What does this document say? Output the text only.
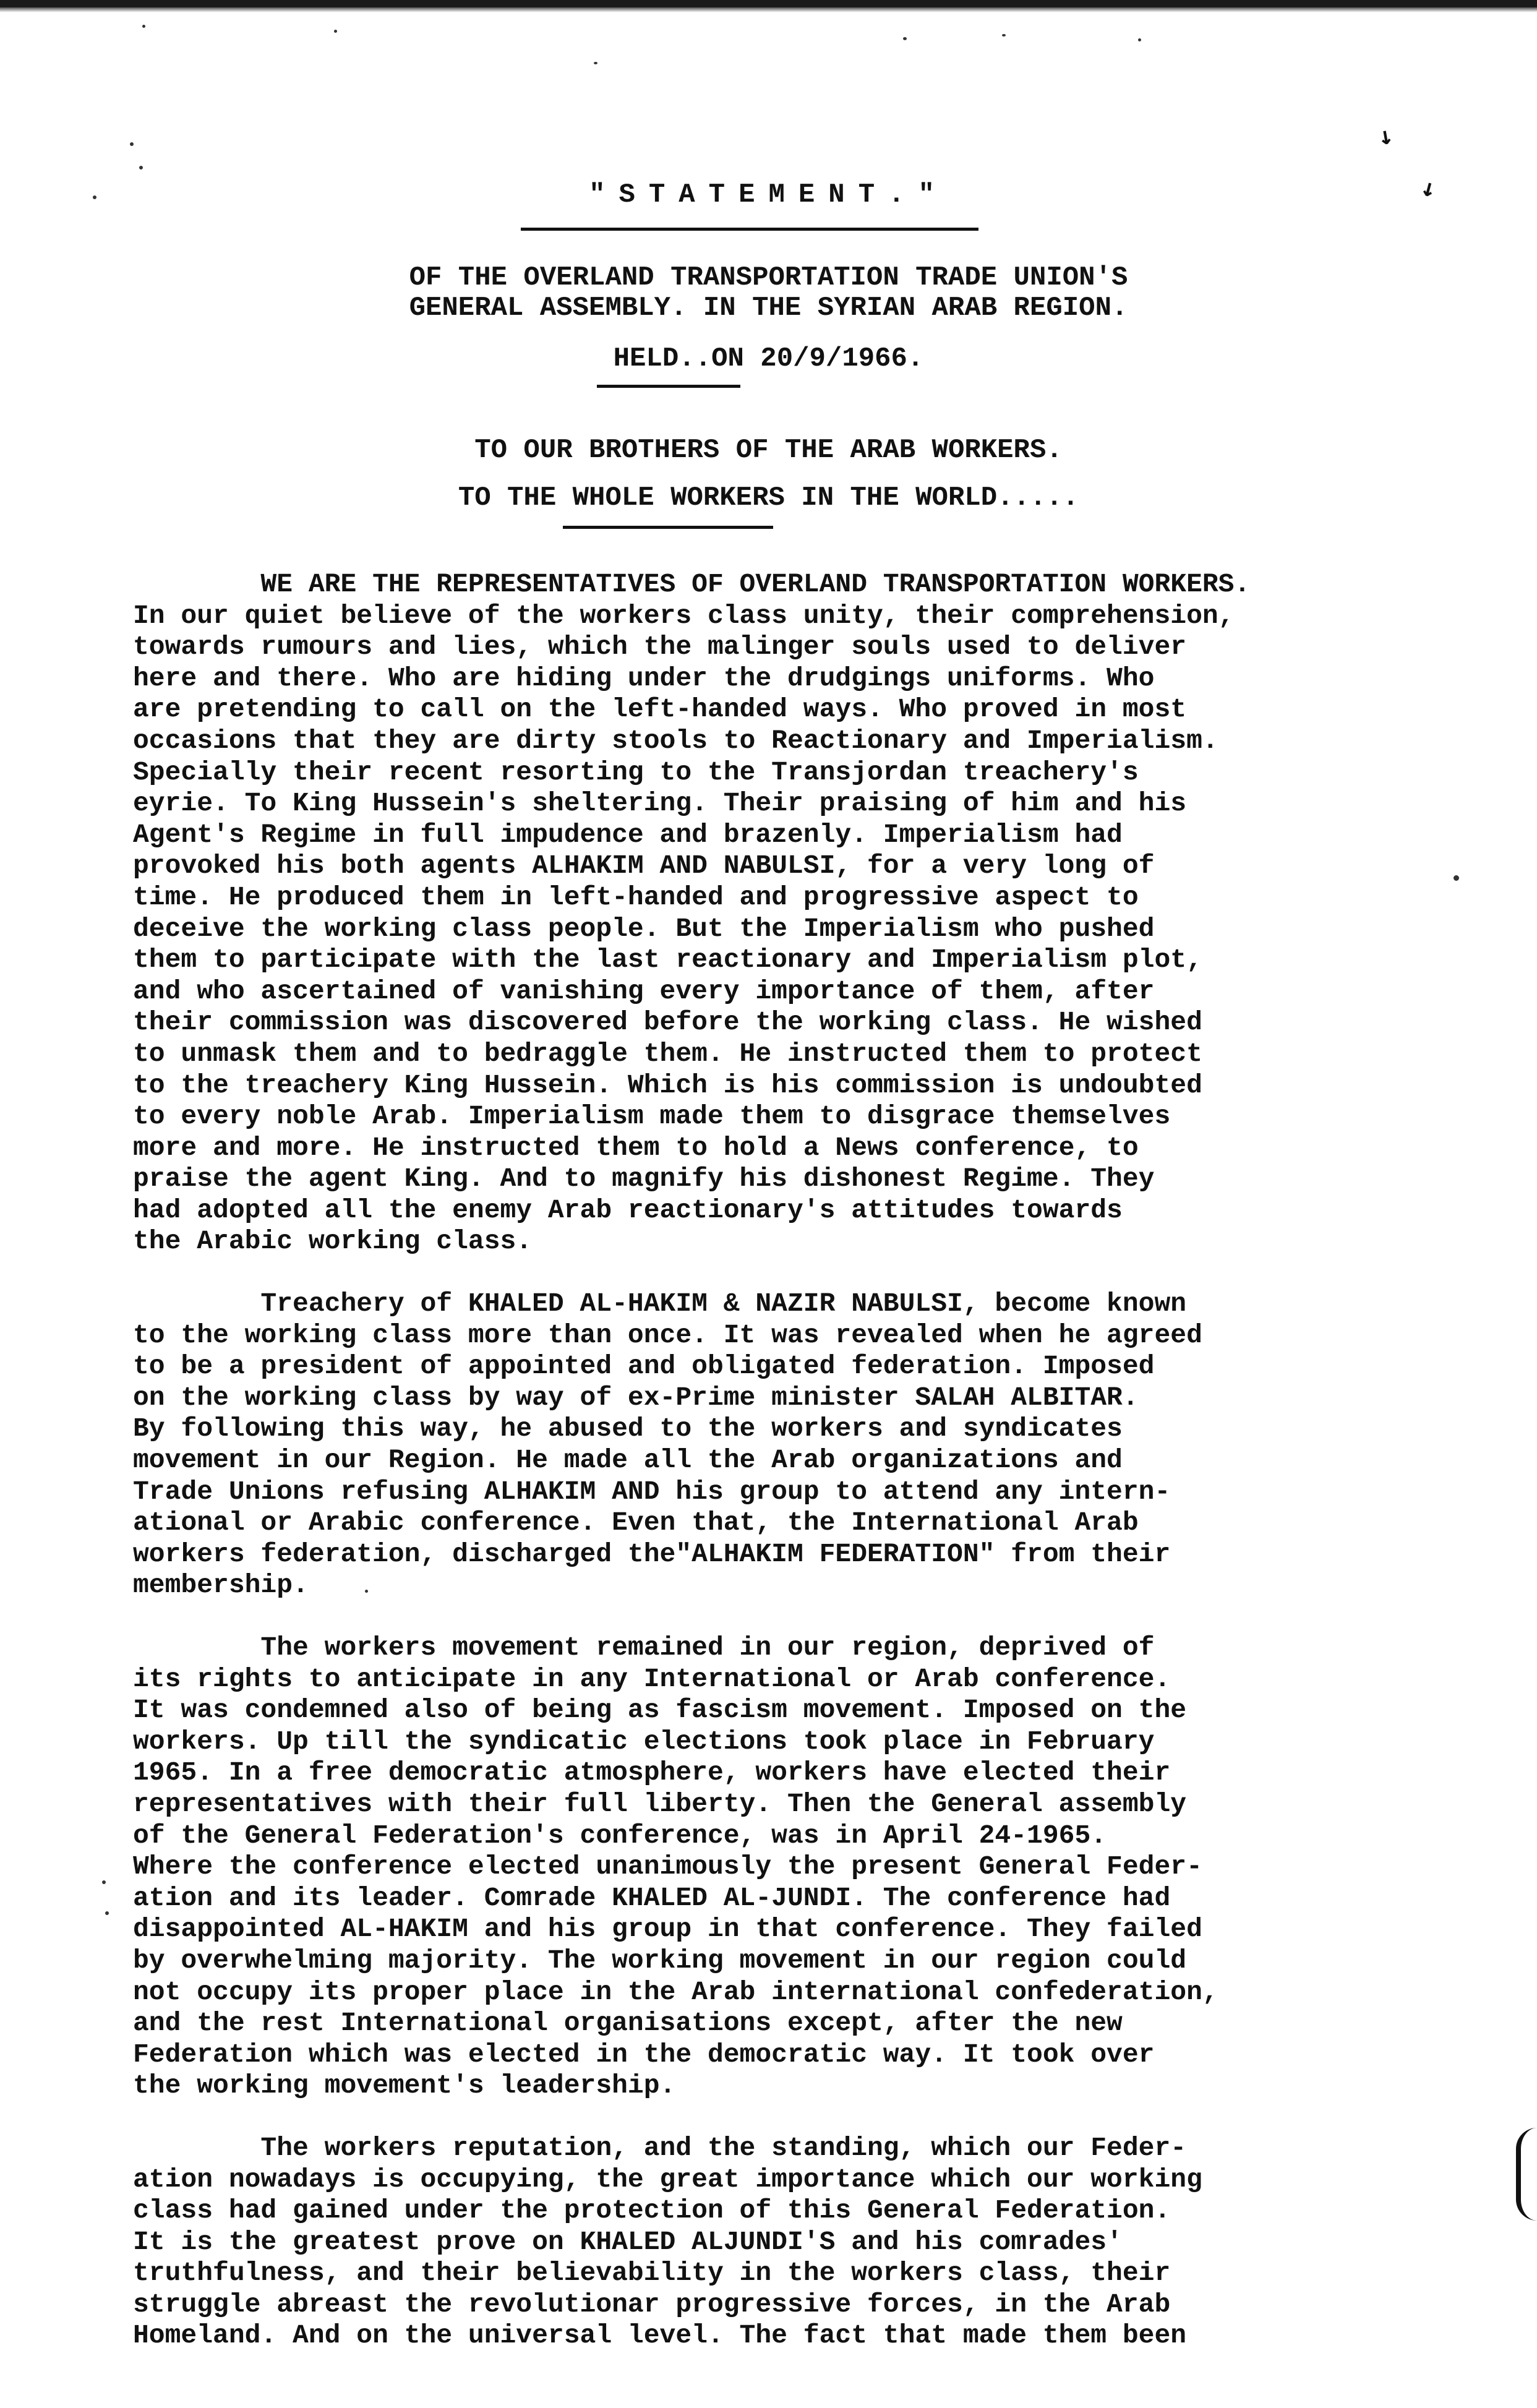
↘
↘
"STATEMENT."
OF THE OVERLAND TRANSPORTATION TRADE UNION'S
GENERAL ASSEMBLY. IN THE SYRIAN ARAB REGION.
HELD..ON 20/9/1966.
TO OUR BROTHERS OF THE ARAB WORKERS.
TO THE WHOLE WORKERS IN THE WORLD.....
WE ARE THE REPRESENTATIVES OF OVERLAND TRANSPORTATION WORKERS.
In our quiet believe of the workers class unity, their comprehension,
towards rumours and lies, which the malinger souls used to deliver
here and there. Who are hiding under the drudgings uniforms. Who
are pretending to call on the left-handed ways. Who proved in most
occasions that they are dirty stools to Reactionary and Imperialism.
Specially their recent resorting to the Transjordan treachery's
eyrie. To King Hussein's sheltering. Their praising of him and his
Agent's Regime in full impudence and brazenly. Imperialism had
provoked his both agents ALHAKIM AND NABULSI, for a very long of
time. He produced them in left-handed and progressive aspect to
deceive the working class people. But the Imperialism who pushed
them to participate with the last reactionary and Imperialism plot,
and who ascertained of vanishing every importance of them, after
their commission was discovered before the working class. He wished
to unmask them and to bedraggle them. He instructed them to protect
to the treachery King Hussein. Which is his commission is undoubted
to every noble Arab. Imperialism made them to disgrace themselves
more and more. He instructed them to hold a News conference, to
praise the agent King. And to magnify his dishonest Regime. They
had adopted all the enemy Arab reactionary's attitudes towards
the Arabic working class.
Treachery of KHALED AL-HAKIM & NAZIR NABULSI, become known
to the working class more than once. It was revealed when he agreed
to be a president of appointed and obligated federation. Imposed
on the working class by way of ex-Prime minister SALAH ALBITAR.
By following this way, he abused to the workers and syndicates
movement in our Region. He made all the Arab organizations and
Trade Unions refusing ALHAKIM AND his group to attend any intern-
ational or Arabic conference. Even that, the International Arab
workers federation, discharged the"ALHAKIM FEDERATION" from their
membership.
The workers movement remained in our region, deprived of
its rights to anticipate in any International or Arab conference.
It was condemned also of being as fascism movement. Imposed on the
workers. Up till the syndicatic elections took place in February
1965. In a free democratic atmosphere, workers have elected their
representatives with their full liberty. Then the General assembly
of the General Federation's conference, was in April 24-1965.
Where the conference elected unanimously the present General Feder-
ation and its leader. Comrade KHALED AL-JUNDI. The conference had
disappointed AL-HAKIM and his group in that conference. They failed
by overwhelming majority. The working movement in our region could
not occupy its proper place in the Arab international confederation,
and the rest International organisations except, after the new
Federation which was elected in the democratic way. It took over
the working movement's leadership.
The workers reputation, and the standing, which our Feder-
ation nowadays is occupying, the great importance which our working
class had gained under the protection of this General Federation.
It is the greatest prove on KHALED ALJUNDI'S and his comrades'
truthfulness, and their believability in the workers class, their
struggle abreast the revolutionar progressive forces, in the Arab
Homeland. And on the universal level. The fact that made them been
